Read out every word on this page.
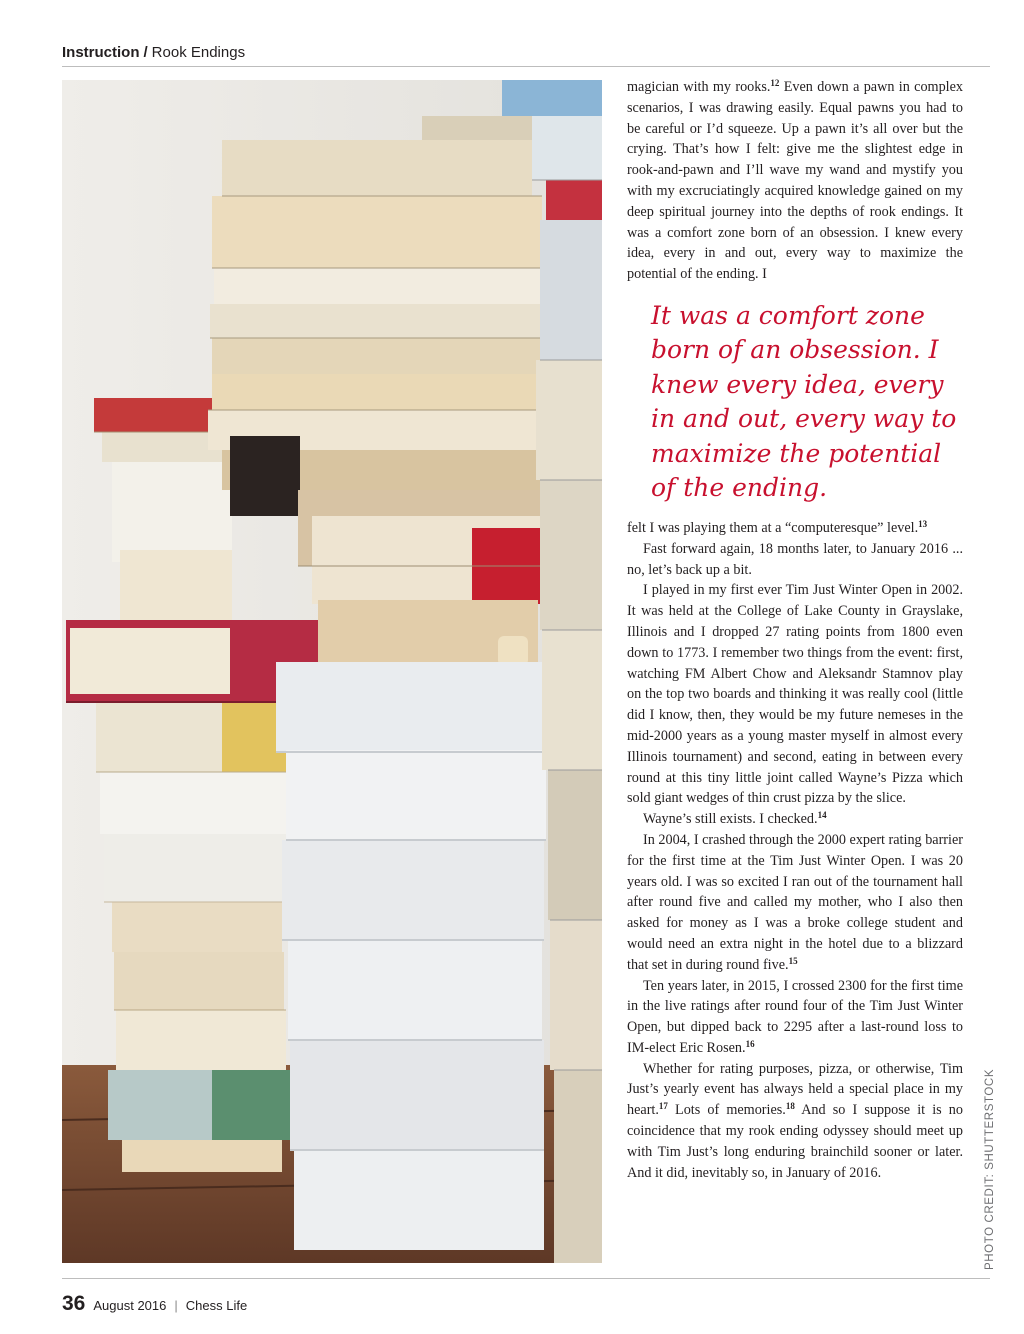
Instruction / Rook Endings

magician with my rooks.$^{12}$ Even down a pawn in complex scenarios, I was drawing easily. Equal pawns you had to be careful or I’d squeeze. Up a pawn it’s all over but the crying. That’s how I felt: give me the slightest edge in rook-and-pawn and I’ll wave my wand and mystify you with my excruciatingly acquired knowledge gained on my deep spiritual journey into the depths of rook endings. It was a comfort zone born of an obsession. I knew every idea, every in and out, every way to maximize the potential of the ending. I

It was a comfort zone born of an obsession. I knew every idea, every in and out, every way to maximize the potential of the ending.

felt I was playing them at a “computeresque” level.$^{13}$

Fast forward again, 18 months later, to January 2016 ... no, let’s back up a bit.

I played in my first ever Tim Just Winter Open in 2002. It was held at the College of Lake County in Grayslake, Illinois and I dropped 27 rating points from 1800 even down to 1773. I remember two things from the event: first, watching FM Albert Chow and Aleksandr Stamnov play on the top two boards and thinking it was really cool (little did I know, then, they would be my future nemeses in the mid-2000 years as a young master myself in almost every Illinois tournament) and second, eating in between every round at this tiny little joint called Wayne’s Pizza which sold giant wedges of thin crust pizza by the slice.

Wayne’s still exists. I checked.$^{14}$

In 2004, I crashed through the 2000 expert rating barrier for the first time at the Tim Just Winter Open. I was 20 years old. I was so excited I ran out of the tournament hall after round five and called my mother, who I also then asked for money as I was a broke college student and would need an extra night in the hotel due to a blizzard that set in during round five.$^{15}$

Ten years later, in 2015, I crossed 2300 for the first time in the live ratings after round four of the Tim Just Winter Open, but dipped back to 2295 after a last-round loss to IM-elect Eric Rosen.$^{16}$

Whether for rating purposes, pizza, or otherwise, Tim Just’s yearly event has always held a special place in my heart.$^{17}$ Lots of memories.$^{18}$ And so I suppose it is no coincidence that my rook ending odyssey should meet up with Tim Just’s long enduring brainchild sooner or later. And it did, inevitably so, in January of 2016.	PHOTO CREDIT: SHUTTERSTOCK
36 August 2016 | Chess Life
